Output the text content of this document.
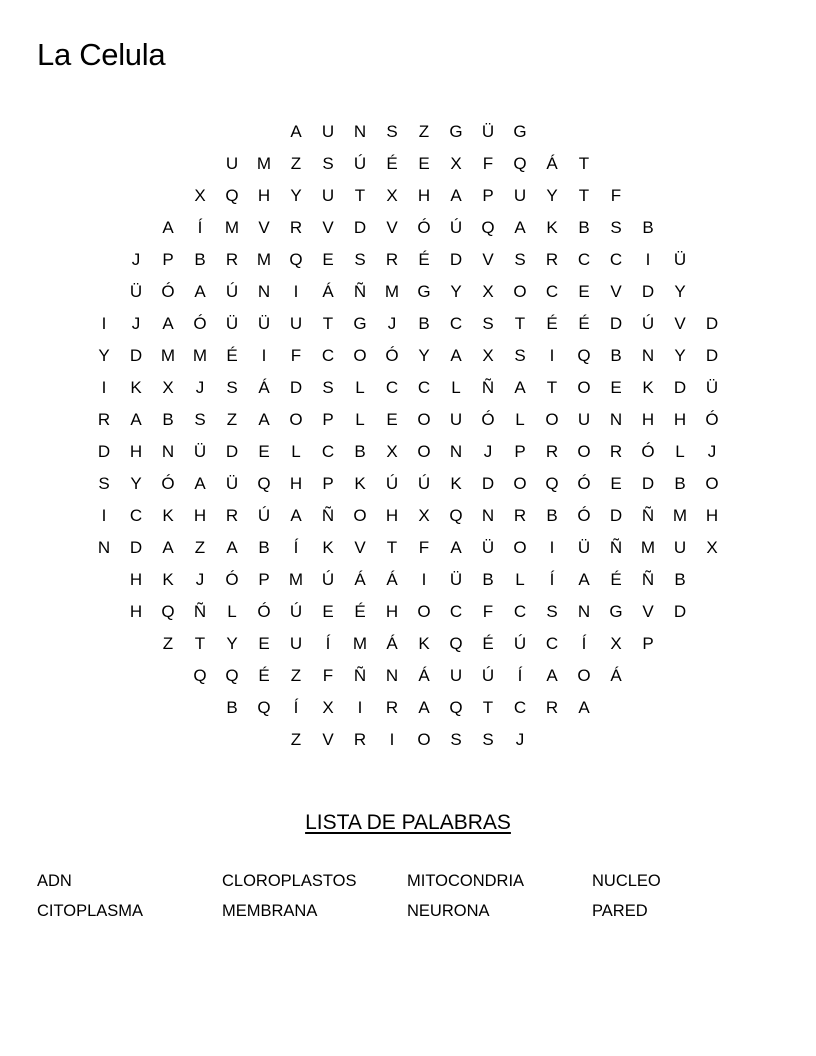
La Celula
A	U	N	S	Z	G	Ü	G
U	M	Z	S	Ú	É	E	X	F	Q	Á	T
X	Q	H	Y	U	T	X	H	A	P	U	Y	T	F
A	Í	M	V	R	V	D	V	Ó	Ú	Q	A	K	B	S	B
J	P	B	R	M	Q	E	S	R	É	D	V	S	R	C	C	I	Ü
Ü	Ó	A	Ú	N	I	Á	Ñ	M	G	Y	X	O	C	E	V	D	Y
I	J	A	Ó	Ü	Ü	U	T	G	J	B	C	S	T	É	É	D	Ú	V	D
Y	D	M	M	É	I	F	C	O	Ó	Y	A	X	S	I	Q	B	N	Y	D
I	K	X	J	S	Á	D	S	L	C	C	L	Ñ	A	T	O	E	K	D	Ü
R	A	B	S	Z	A	O	P	L	E	O	U	Ó	L	O	U	N	H	H	Ó
D	H	N	Ü	D	E	L	C	B	X	O	N	J	P	R	O	R	Ó	L	J
S	Y	Ó	A	Ü	Q	H	P	K	Ú	Ú	K	D	O	Q	Ó	E	D	B	O
I	C	K	H	R	Ú	A	Ñ	O	H	X	Q	N	R	B	Ó	D	Ñ	M	H
N	D	A	Z	A	B	Í	K	V	T	F	A	Ü	O	I	Ü	Ñ	M	U	X
H	K	J	Ó	P	M	Ú	Á	Á	I	Ü	B	L	Í	A	É	Ñ	B
H	Q	Ñ	L	Ó	Ú	E	É	H	O	C	F	C	S	N	G	V	D
Z	T	Y	E	U	Í	M	Á	K	Q	É	Ú	C	Í	X	P
Q	Q	É	Z	F	Ñ	N	Á	U	Ú	Í	A	O	Á
B	Q	Í	X	I	R	A	Q	T	C	R	A
Z	V	R	I	O	S	S	J
LISTA DE PALABRAS
ADN	CLOROPLASTOS	MITOCONDRIA	NUCLEO
CITOPLASMA	MEMBRANA	NEURONA	PARED
